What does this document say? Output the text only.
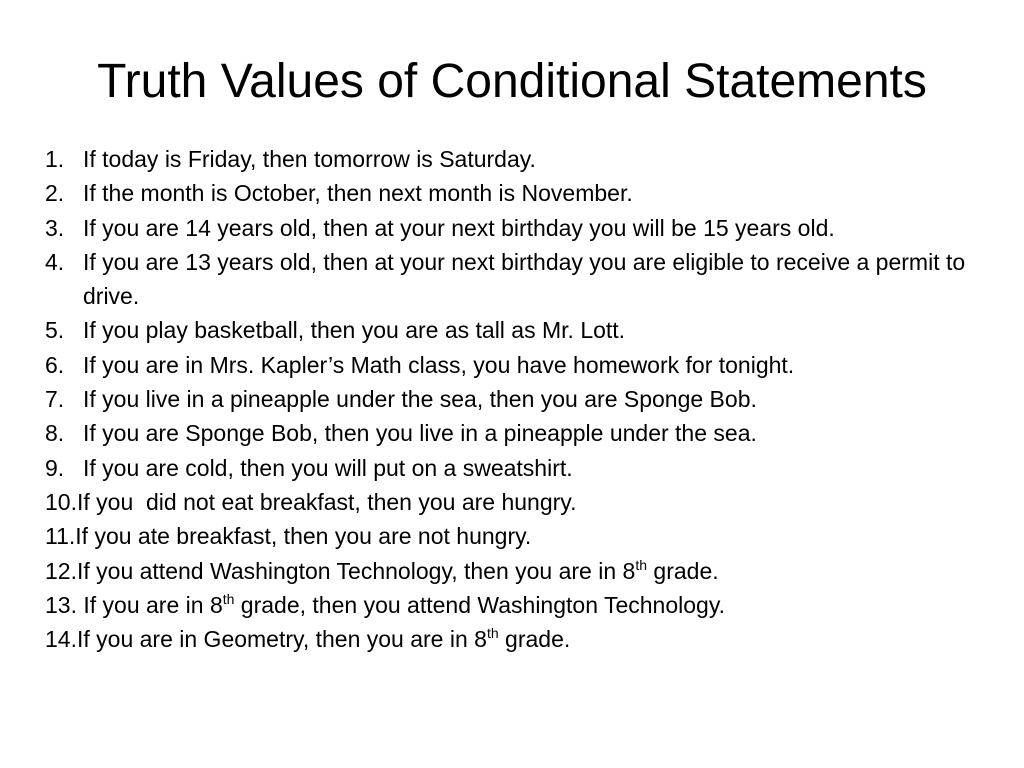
Truth Values of Conditional Statements
1. If today is Friday, then tomorrow is Saturday.
2. If the month is October, then next month is November.
3. If you are 14 years old, then at your next birthday you will be 15 years old.
4. If you are 13 years old, then at your next birthday you are eligible to receive a permit to drive.
5. If you play basketball, then you are as tall as Mr. Lott.
6. If you are in Mrs. Kapler’s Math class, you have homework for tonight.
7. If you live in a pineapple under the sea, then you are Sponge Bob.
8. If you are Sponge Bob, then you live in a pineapple under the sea.
9. If you are cold, then you will put on a sweatshirt.
10. If you  did not eat breakfast, then you are hungry.
11. If you ate breakfast, then you are not hungry.
12. If you attend Washington Technology, then you are in 8th grade.
13. If you are in 8th grade, then you attend Washington Technology.
14. If you are in Geometry, then you are in 8th grade.
